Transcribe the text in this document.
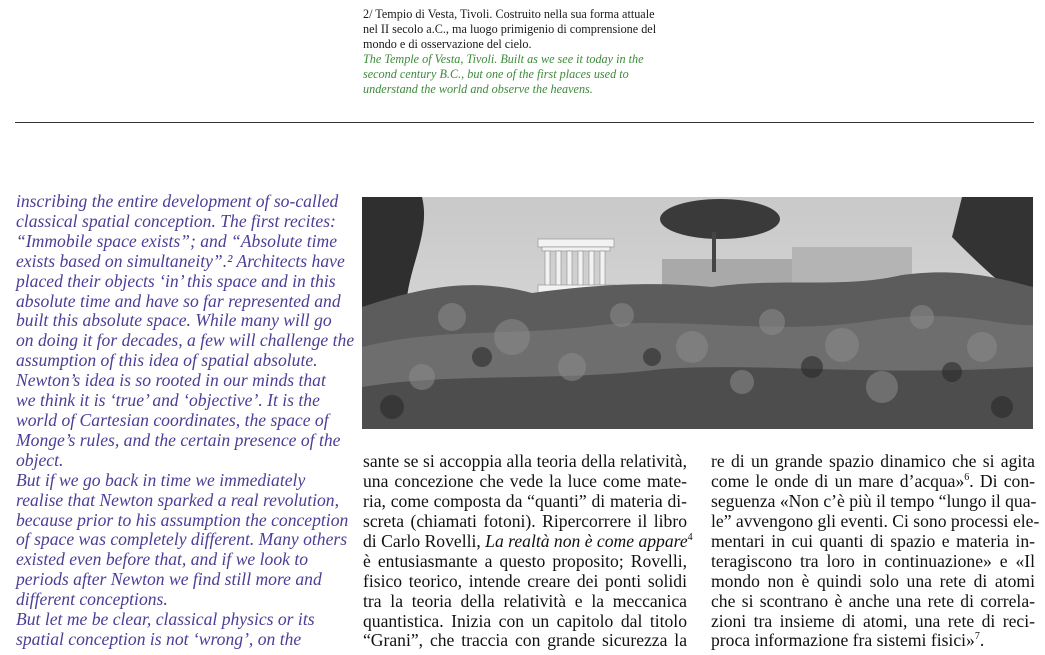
2/ Tempio di Vesta, Tivoli. Costruito nella sua forma attuale
nel II secolo a.C., ma luogo primigenio di comprensione del
mondo e di osservazione del cielo.
The Temple of Vesta, Tivoli. Built as we see it today in the
second century B.C., but one of the first places used to
understand the world and observe the heavens.

inscribing the entire development of so-called

classical spatial conception. The first recites:

“Immobile space exists”; and “Absolute time

exists based on simultaneity”.² Architects have

placed their objects ‘in’ this space and in this

absolute time and have so far represented and

built this absolute space. While many will go

on doing it for decades, a few will challenge the

assumption of this idea of spatial absolute.

Newton’s idea is so rooted in our minds that

we think it is ‘true’ and ‘objective’. It is the

world of Cartesian coordinates, the space of

Monge’s rules, and the certain presence of the

object.

But if we go back in time we immediately

realise that Newton sparked a real revolution,

because prior to his assumption the conception

of space was completely different. Many others

existed even before that, and if we look to

periods after Newton we find still more and

different conceptions.

But let me be clear, classical physics or its

spatial conception is not ‘wrong’, on the

sante se si accoppia alla teoria della relatività,
una concezione che vede la luce come mate-
ria, come composta da “quanti” di materia di-
screta (chiamati fotoni). Ripercorrere il libro
di Carlo Rovelli, La realtà non è come appare$^4$
è entusiasmante a questo proposito; Rovelli,
fisico teorico, intende creare dei ponti solidi
tra la teoria della relatività e la meccanica
quantistica. Inizia con un capitolo dal titolo
“Grani”, che traccia con grande sicurezza la
re di un grande spazio dinamico che si agita
come le onde di un mare d’acqua»$^6$. Di con-
seguenza «Non c’è più il tempo “lungo il qua-
le” avvengono gli eventi. Ci sono processi ele-
mentari in cui quanti di spazio e materia in-
teragiscono tra loro in continuazione» e «Il
mondo non è quindi solo una rete di atomi
che si scontrano è anche una rete di correla-
zioni tra insieme di atomi, una rete di reci-
proca informazione fra sistemi fisici»$^7$.
